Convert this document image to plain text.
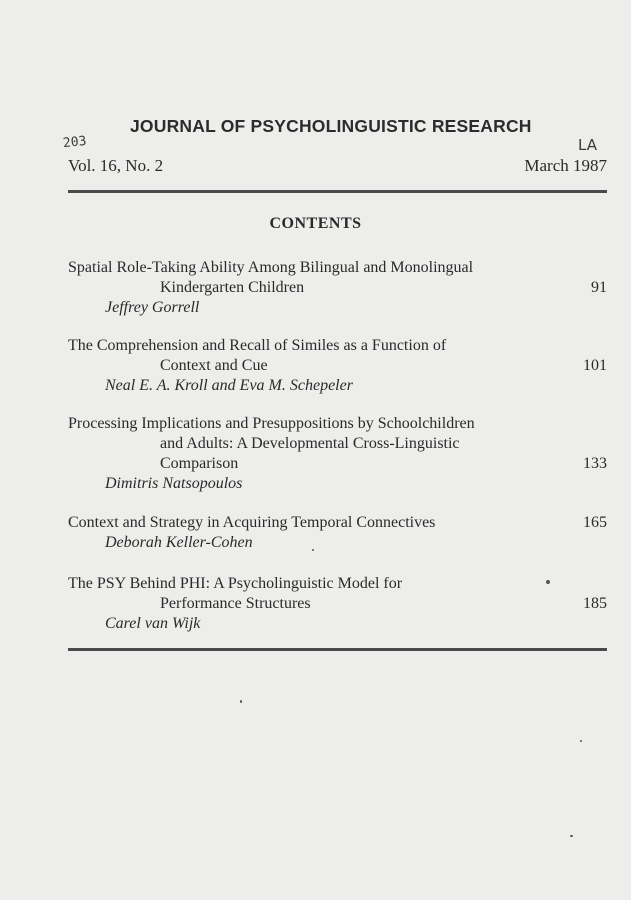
JOURNAL OF PSYCHOLINGUISTIC RESEARCH
203	LA
Vol. 16, No. 2	March 1987
CONTENTS
Spatial Role-Taking Ability Among Bilingual and Monolingual
Kindergarten Children
Jeffrey Gorrell
91
The Comprehension and Recall of Similes as a Function of
Context and Cue
Neal E. A. Kroll and Eva M. Schepeler
101
Processing Implications and Presuppositions by Schoolchildren
and Adults: A Developmental Cross-Linguistic
Comparison
Dimitris Natsopoulos
133
Context and Strategy in Acquiring Temporal Connectives
Deborah Keller-Cohen
165
The PSY Behind PHI: A Psycholinguistic Model for
Performance Structures
Carel van Wijk
185
